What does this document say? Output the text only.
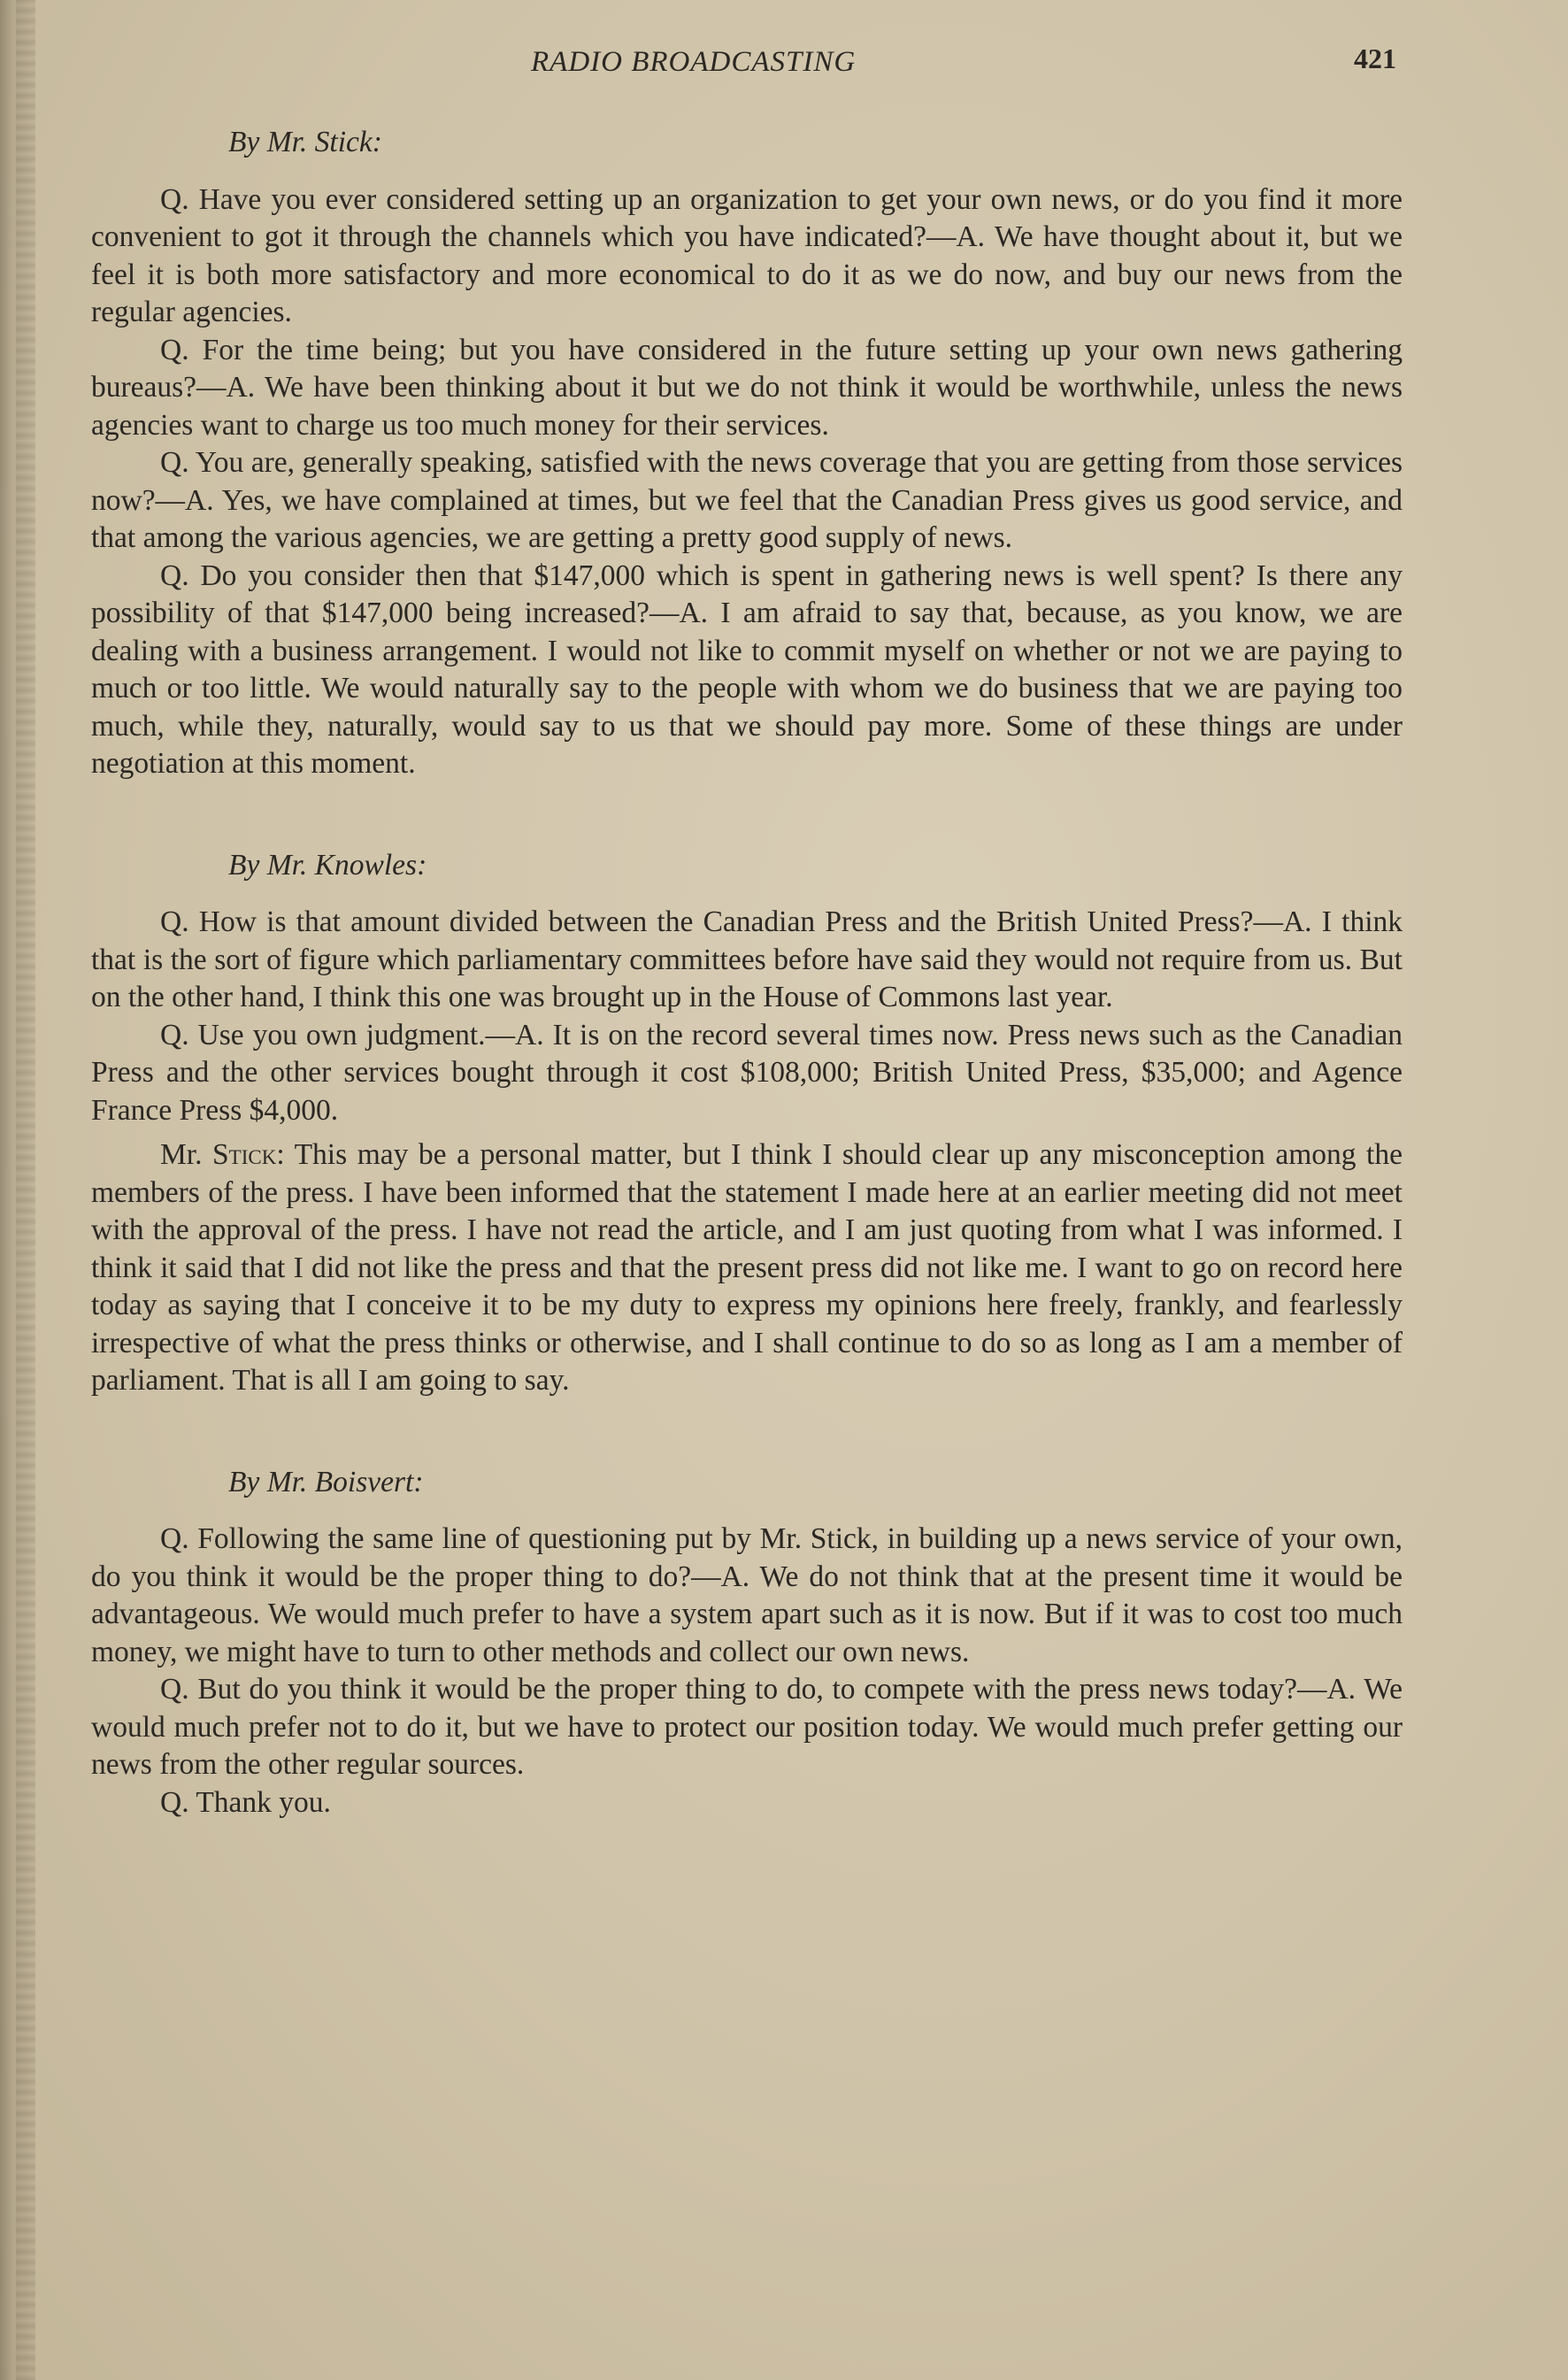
RADIO BROADCASTING	421

By Mr. Stick:

Q. Have you ever considered setting up an organization to get your own news, or do you find it more convenient to got it through the channels which you have indicated?—A. We have thought about it, but we feel it is both more satisfactory and more economical to do it as we do now, and buy our news from the regular agencies.

Q. For the time being; but you have considered in the future setting up your own news gathering bureaus?—A. We have been thinking about it but we do not think it would be worthwhile, unless the news agencies want to charge us too much money for their services.

Q. You are, generally speaking, satisfied with the news coverage that you are getting from those services now?—A. Yes, we have complained at times, but we feel that the Canadian Press gives us good service, and that among the various agencies, we are getting a pretty good supply of news.

Q. Do you consider then that $147,000 which is spent in gathering news is well spent? Is there any possibility of that $147,000 being increased?—A. I am afraid to say that, because, as you know, we are dealing with a business arrangement. I would not like to commit myself on whether or not we are paying to much or too little. We would naturally say to the people with whom we do business that we are paying too much, while they, naturally, would say to us that we should pay more. Some of these things are under negotiation at this moment.

By Mr. Knowles:

Q. How is that amount divided between the Canadian Press and the British United Press?—A. I think that is the sort of figure which parliamentary committees before have said they would not require from us. But on the other hand, I think this one was brought up in the House of Commons last year.

Q. Use you own judgment.—A. It is on the record several times now. Press news such as the Canadian Press and the other services bought through it cost $108,000; British United Press, $35,000; and Agence France Press $4,000.

Mr. Stick: This may be a personal matter, but I think I should clear up any misconception among the members of the press. I have been informed that the statement I made here at an earlier meeting did not meet with the approval of the press. I have not read the article, and I am just quoting from what I was informed. I think it said that I did not like the press and that the present press did not like me. I want to go on record here today as saying that I conceive it to be my duty to express my opinions here freely, frankly, and fearlessly irrespective of what the press thinks or otherwise, and I shall continue to do so as long as I am a member of parliament. That is all I am going to say.

By Mr. Boisvert:

Q. Following the same line of questioning put by Mr. Stick, in building up a news service of your own, do you think it would be the proper thing to do?—A. We do not think that at the present time it would be advantageous. We would much prefer to have a system apart such as it is now. But if it was to cost too much money, we might have to turn to other methods and collect our own news.

Q. But do you think it would be the proper thing to do, to compete with the press news today?—A. We would much prefer not to do it, but we have to protect our position today. We would much prefer getting our news from the other regular sources.

Q. Thank you.
